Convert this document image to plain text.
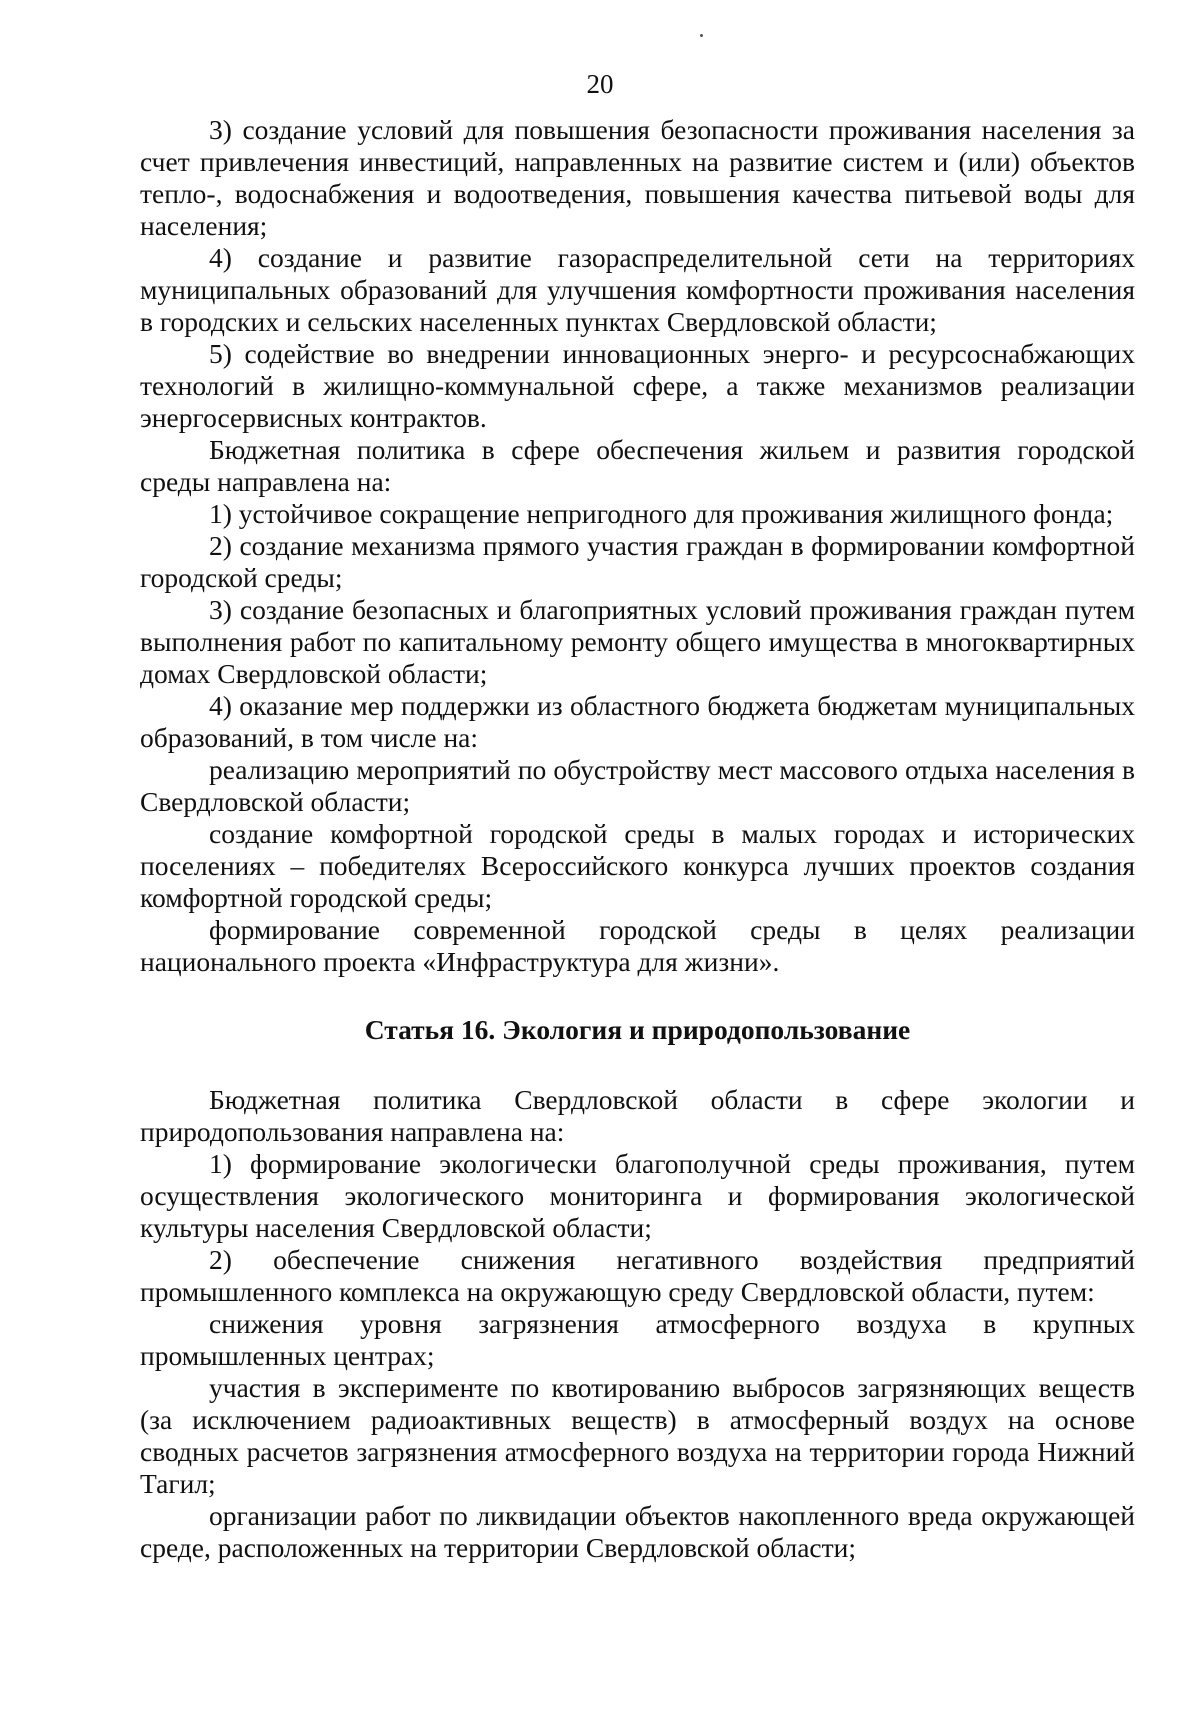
20

3) создание условий для повышения безопасности проживания населения за счет привлечения инвестиций, направленных на развитие систем и (или) объектов тепло-, водоснабжения и водоотведения, повышения качества питьевой воды для населения;

4) создание и развитие газораспределительной сети на территориях муниципальных образований для улучшения комфортности проживания населения в городских и сельских населенных пунктах Свердловской области;

5) содействие во внедрении инновационных энерго- и ресурсоснабжающих технологий в жилищно-коммунальной сфере, а также механизмов реализации энергосервисных контрактов.

Бюджетная политика в сфере обеспечения жильем и развития городской среды направлена на:

1) устойчивое сокращение непригодного для проживания жилищного фонда;

2) создание механизма прямого участия граждан в формировании комфортной городской среды;

3) создание безопасных и благоприятных условий проживания граждан путем выполнения работ по капитальному ремонту общего имущества в многоквартирных домах Свердловской области;

4) оказание мер поддержки из областного бюджета бюджетам муниципальных образований, в том числе на:

реализацию мероприятий по обустройству мест массового отдыха населения в Свердловской области;

создание комфортной городской среды в малых городах и исторических поселениях – победителях Всероссийского конкурса лучших проектов создания комфортной городской среды;

формирование современной городской среды в целях реализации национального проекта «Инфраструктура для жизни».

Статья 16. Экология и природопользование

Бюджетная политика Свердловской области в сфере экологии и природопользования направлена на:

1) формирование экологически благополучной среды проживания, путем осуществления экологического мониторинга и формирования экологической культуры населения Свердловской области;

2) обеспечение снижения негативного воздействия предприятий промышленного комплекса на окружающую среду Свердловской области, путем:

снижения уровня загрязнения атмосферного воздуха в крупных промышленных центрах;

участия в эксперименте по квотированию выбросов загрязняющих веществ (за исключением радиоактивных веществ) в атмосферный воздух на основе сводных расчетов загрязнения атмосферного воздуха на территории города Нижний Тагил;

организации работ по ликвидации объектов накопленного вреда окружающей среде, расположенных на территории Свердловской области;
